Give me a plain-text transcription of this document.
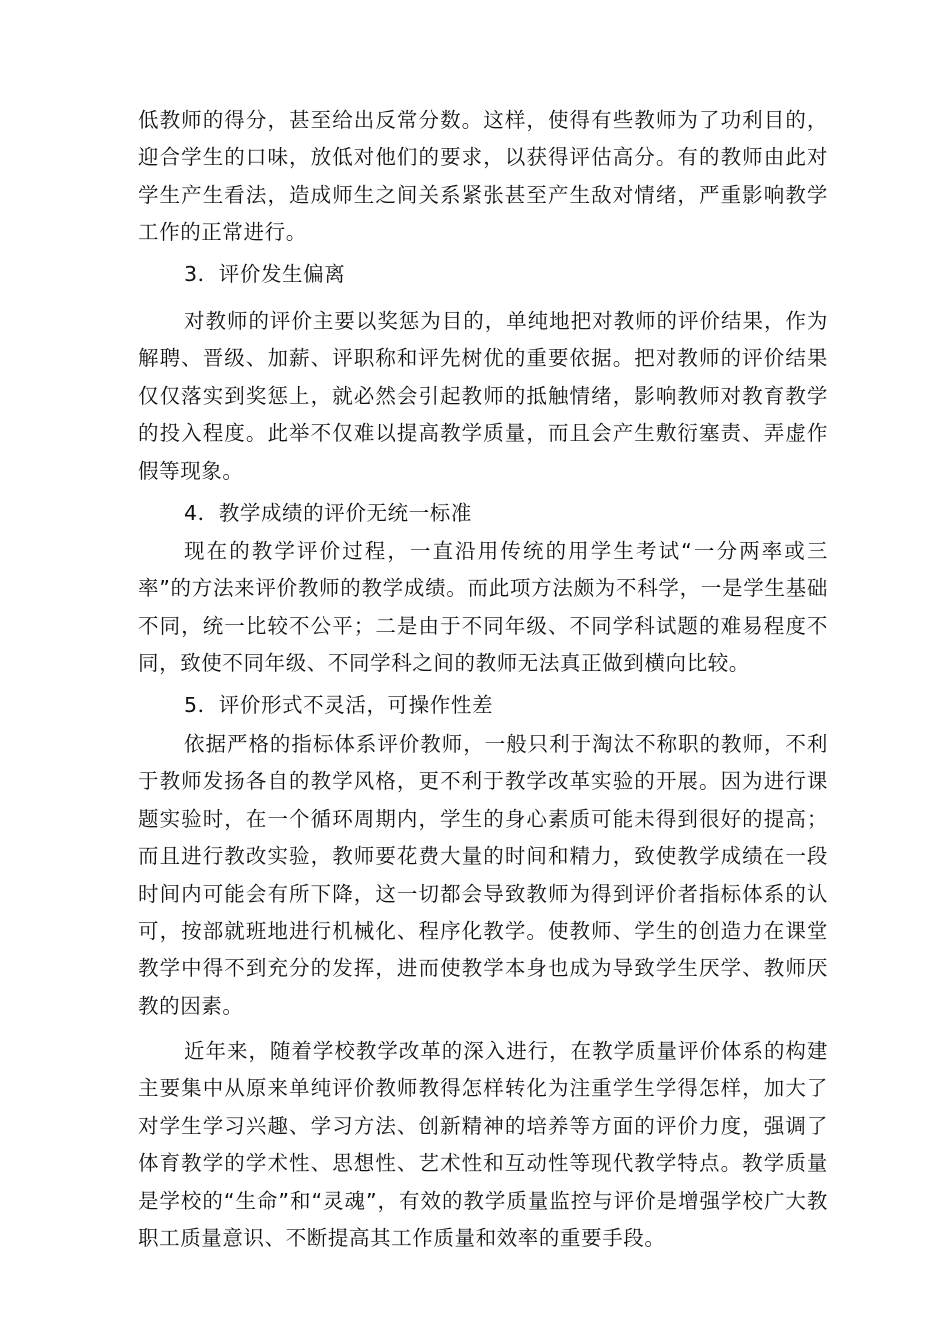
低教师的得分，甚至给出反常分数。这样，使得有些教师为了功利目的，迎合学生的口味，放低对他们的要求，以获得评估高分。有的教师由此对学生产生看法，造成师生之间关系紧张甚至产生敌对情绪，严重影响教学工作的正常进行。

3．评价发生偏离

对教师的评价主要以奖惩为目的，单纯地把对教师的评价结果，作为解聘、晋级、加薪、评职称和评先树优的重要依据。把对教师的评价结果仅仅落实到奖惩上，就必然会引起教师的抵触情绪，影响教师对教育教学的投入程度。此举不仅难以提高教学质量，而且会产生敷衍塞责、弄虚作假等现象。

4．教学成绩的评价无统一标准

现在的教学评价过程，一直沿用传统的用学生考试“一分两率或三率”的方法来评价教师的教学成绩。而此项方法颇为不科学，一是学生基础不同，统一比较不公平；二是由于不同年级、不同学科试题的难易程度不同，致使不同年级、不同学科之间的教师无法真正做到横向比较。

5．评价形式不灵活，可操作性差

依据严格的指标体系评价教师，一般只利于淘汰不称职的教师，不利于教师发扬各自的教学风格，更不利于教学改革实验的开展。因为进行课题实验时，在一个循环周期内，学生的身心素质可能未得到很好的提高；而且进行教改实验，教师要花费大量的时间和精力，致使教学成绩在一段时间内可能会有所下降，这一切都会导致教师为得到评价者指标体系的认可，按部就班地进行机械化、程序化教学。使教师、学生的创造力在课堂教学中得不到充分的发挥，进而使教学本身也成为导致学生厌学、教师厌教的因素。

近年来，随着学校教学改革的深入进行，在教学质量评价体系的构建主要集中从原来单纯评价教师教得怎样转化为注重学生学得怎样，加大了对学生学习兴趣、学习方法、创新精神的培养等方面的评价力度，强调了体育教学的学术性、思想性、艺术性和互动性等现代教学特点。教学质量是学校的“生命”和“灵魂”，有效的教学质量监控与评价是增强学校广大教职工质量意识、不断提高其工作质量和效率的重要手段。
